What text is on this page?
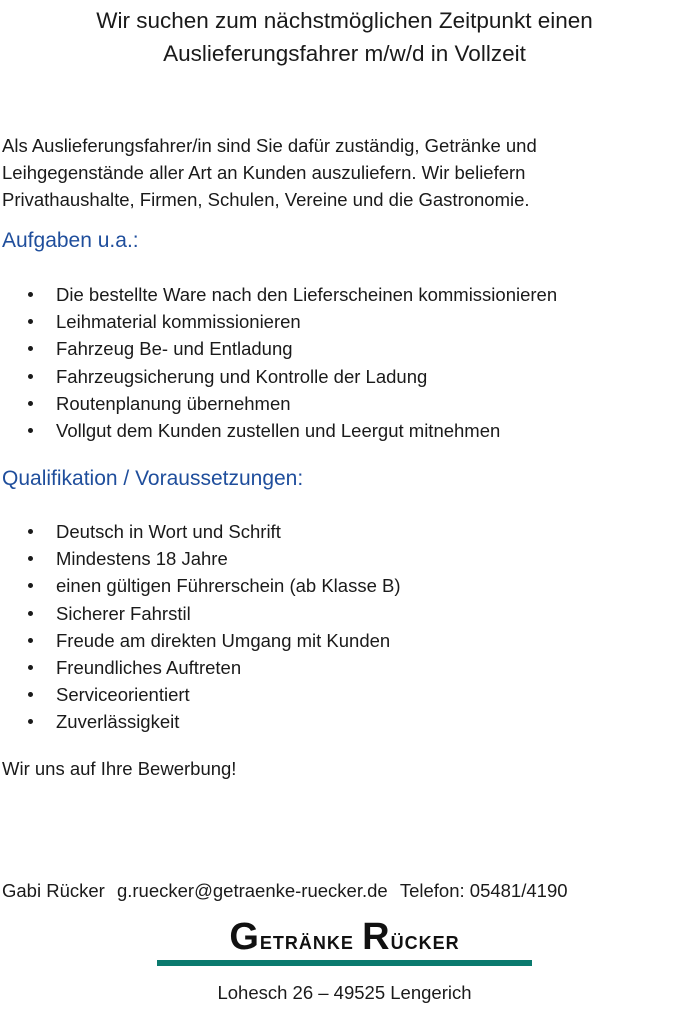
Wir suchen zum nächstmöglichen Zeitpunkt einen
Auslieferungsfahrer m/w/d in Vollzeit

Als Auslieferungsfahrer/in sind Sie dafür zuständig, Getränke und
Leihgegenstände aller Art an Kunden auszuliefern. Wir beliefern
Privathaushalte, Firmen, Schulen, Vereine und die Gastronomie.

Aufgaben u.a.:
Die bestellte Ware nach den Lieferscheinen kommissionieren
Leihmaterial kommissionieren
Fahrzeug Be- und Entladung
Fahrzeugsicherung und Kontrolle der Ladung
Routenplanung übernehmen
Vollgut dem Kunden zustellen und Leergut mitnehmen
Qualifikation / Voraussetzungen:
Deutsch in Wort und Schrift
Mindestens 18 Jahre
einen gültigen Führerschein (ab Klasse B)
Sicherer Fahrstil
Freude am direkten Umgang mit Kunden
Freundliches Auftreten
Serviceorientiert
Zuverlässigkeit

Wir uns auf Ihre Bewerbung!

Gabi Rücker g.ruecker@getraenke-ruecker.de Telefon: 05481/4190

Getränke Rücker

Lohesch 26 – 49525 Lengerich
